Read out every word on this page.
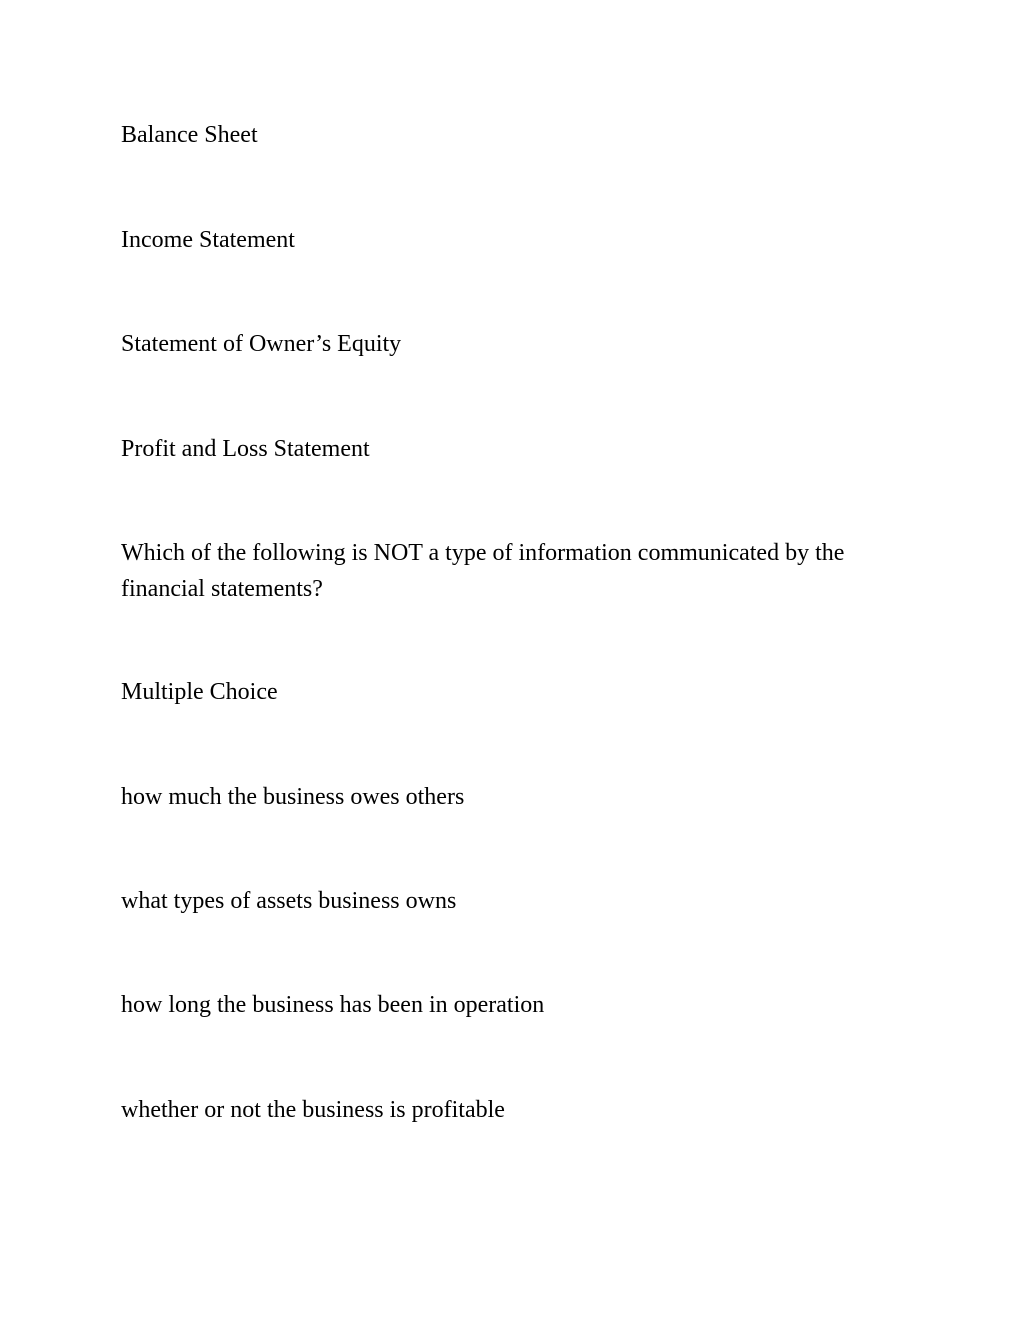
Balance Sheet

Income Statement

Statement of Owner’s Equity

Profit and Loss Statement

Which of the following is NOT a type of information communicated by the financial statements?

Multiple Choice

how much the business owes others

what types of assets business owns

how long the business has been in operation

whether or not the business is profitable
